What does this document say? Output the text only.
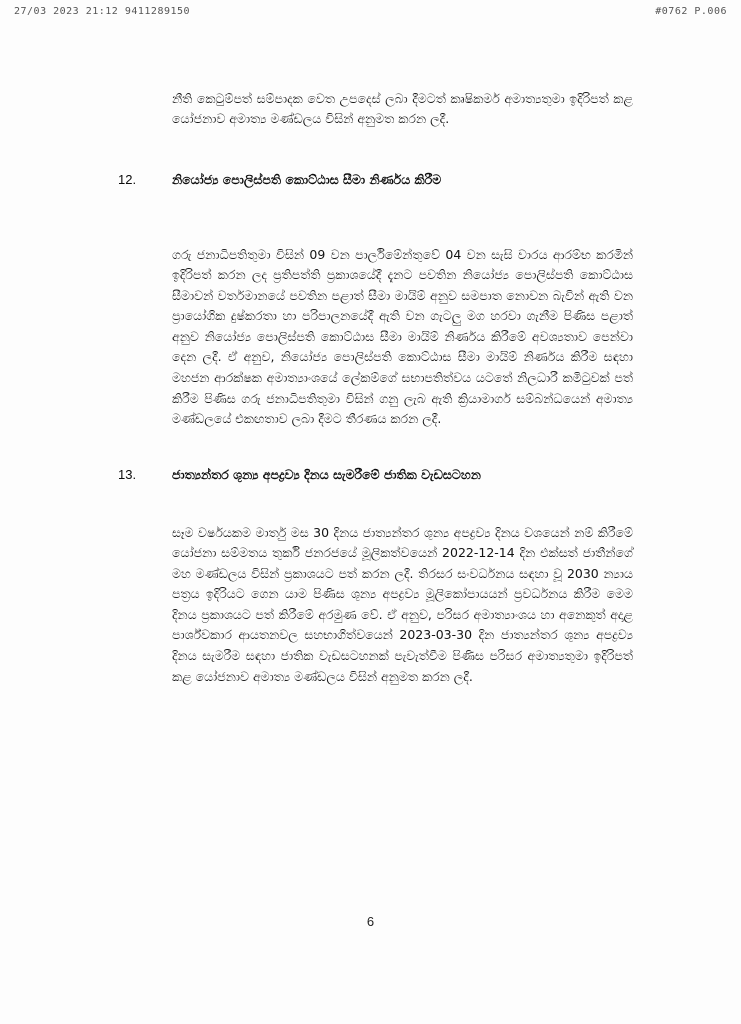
27/03 2023 21:12 9411289150	#0762 P.006

නීති කෙටුම්පත් සම්පාදක වෙත උපදෙස් ලබා දීමටත් කෘෂිකර්ම අමාත්‍යතුමා ඉදිරිපත් කළ යෝජනාව අමාත්‍ය මණ්ඩලය විසින් අනුමත කරන ලදී.

12.	නියෝජ්‍ය පොලිස්පති කොට්ඨාස සීමා නිර්ණය කිරීම

ගරු ජනාධිපතිතුමා විසින් 09 වන පාර්ලිමේන්තුවේ 04 වන සැසි වාරය ආරම්භ කරමින් ඉදිරිපත් කරන ලද ප්‍රතිපත්ති ප්‍රකාශයේදී දැනට පවතින නියෝජ්‍ය පොලිස්පති කොට්ඨාස සීමාවන් වර්තමානයේ පවතින පළාත් සීමා මායිම් අනුව සමපාත නොවන බැවින් ඇති වන ප්‍රායෝගික දුෂ්කරතා හා පරිපාලනයේදී ඇති වන ගැටලු මග හරවා ගැනීම පිණිස පළාත් අනුව නියෝජ්‍ය පොලිස්පති කොට්ඨාස සීමා මායිම් නිර්ණය කිරීමේ අවශ්‍යතාව පෙන්වා දෙන ලදී. ඒ අනුව, නියෝජ්‍ය පොලිස්පති කොට්ඨාස සීමා මායිම් නිර්ණය කිරීම සඳහා මහජන ආරක්ෂක අමාත්‍යාංශයේ ලේකම්ගේ සභාපතිත්වය යටතේ නිලධාරී කමිටුවක් පත් කිරීම පිණිස ගරු ජනාධිපතිතුමා විසින් ගනු ලැබ ඇති ක්‍රියාමාර්ග සම්බන්ධයෙන් අමාත්‍ය මණ්ඩලයේ එකඟතාව ලබා දීමට තීරණය කරන ලදී.

13.	ජාත්‍යන්තර ශුන්‍ය අපද්‍රව්‍ය දිනය සැමරීමේ ජාතික වැඩසටහන

සෑම වර්ෂයකම මාර්තු මස 30 දිනය ජාත්‍යන්තර ශුන්‍ය අපද්‍රව්‍ය දිනය වශයෙන් නම් කිරීමේ යෝජනා සම්මතය තුර්කි ජනරජයේ මූලිකත්වයෙන් 2022-12-14 දින එක්සත් ජාතීන්ගේ මහ මණ්ඩලය විසින් ප්‍රකාශයට පත් කරන ලදී. තිරසර සංවර්ධනය සඳහා වූ 2030 න්‍යාය පත්‍රය ඉදිරියට ගෙන යාම පිණිස ශුන්‍ය අපද්‍රව්‍ය මූලිකෝපායයන් ප්‍රවර්ධනය කිරීම මෙම දිනය ප්‍රකාශයට පත් කිරීමේ අරමුණ වේ. ඒ අනුව, පරිසර අමාත්‍යාංශය හා අනෙකුත් අදාළ පාර්ශ්වකාර ආයතනවල සහභාගිත්වයෙන් 2023-03-30 දින ජාත්‍යන්තර ශුන්‍ය අපද්‍රව්‍ය දිනය සැමරීම සඳහා ජාතික වැඩසටහනක් පැවැත්වීම පිණිස පරිසර අමාත්‍යතුමා ඉදිරිපත් කළ යෝජනාව අමාත්‍ය මණ්ඩලය විසින් අනුමත කරන ලදී.

6
